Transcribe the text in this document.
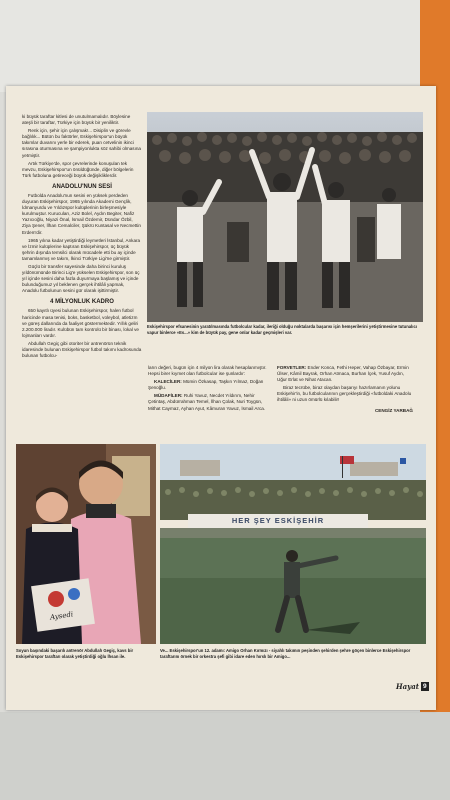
ki büyük taraftar kitlesi de unutulmamalıdır. Böylesine ateşli bir taraftar, Türkiye için büyük bir yeniliktir.

Renk için, şehir için çalışmak!... Disiplin ve görevle bağlılık... Bütün bu faktörler, Eskişehirspor'un büyük takımlar duvarını yerle bir ederek, puan cetvelinin ikinci sırasına oturmasına ve şampiyonlukta söz sahibi olmasına yetmiştir.

Artık Türkiye'de, spor çevrelerinde konuşulan tek mevzu, Eskişehirspor'un önüldüğünde, diğer bölgelerin Türk futboluna getireceği büyük değişikliklerdir.

ANADOLU'NUN SESİ

Futbolda Anadolu'nun sesini en yüksek perdeden duyuran Eskişehirspor, 1965 yılında Akademi Gençlik, İdmanyurdu ve Yıldızspor kulüplerinin birleşmesiyle kurulmuştur. Kurucuları, Aziz Bolel, Aydın Begiter, Nafiz Yazıcıoğlu, Niyazi Önal, İsmail Özdemir, Dündar Özbil, Ziya Şener, İlhan Cemalciler, Şükrü Kuntasal ve Necmettin Erdem'dir.

1965 yılına kadar yetiştirdiği leymetleri İstanbul, Ankara ve İzmir kulüplerine kaptıran Eskişehirspor, üç büyük şehrin dışında temsilci olarak mücadele etti bu ay içinde tamamlanmış ve takım, İkinci Türkiye Ligi'ne girmiştir.

Güçlü bir transfer sayesinde daha birinci kuruluş yıldönümünde Birinci Lig'e yükselen Eskişehirspor, son üç yıl içinde sesini daha fazla duyurmaya başlamış ve içinde bulunduğumuz yıl beklenen gerçek ihtilâli yapmak, Anadolu futbolunun sesini gür olarak işittirmiştir.

4 MİLYONLUK KADRO

650 kayıtlı üyesi bulunan Eskişehirspor, halen futbol haricinde masa tenisi, boks, basketbol, voleybol, atletizm ve güreş dallarında da faaliyet göstermektedir. Yıllık geliri 2.200.000 liradır. Kulübün tam kontrolü bir binası, lokal ve lojmanları vardır.

Abdullah Gegiç gibi otoriter bir antrenörün teknik idaresinde bulunan Eskişehirspor futbol takımı kadrosunda bulunan futbolcu-

Eskişehirspor efsanesinin yaratılmasında futbolcular kadar, ileriği olduğu noktalarda başarısı için hemşerilerini yetiştirmesine tutunalıcı vapur binlerce «Es...» kim de büyük pay, gene onlar kadar geçmişleri var.

ların değeri, bugün için 4 milyon lira olarak hesaplanmıştır. Hepsi birer kıymet olan futbolcular ise şunlardır:

KALECİLER: Mümin Özkasap, Taşkın Yılmaz, Doğan Şenoğlu.

MÜDAFİLER: Ruhi Yavuz, Necdet Yıldırım, Nehir Çetintaş, Abdürrahman Temel, İlhan Çolak, Nuri Toygün, Mithat Caymaz, Ayhan Ayut, Kâmuran Yavuz, İsmail Arca.

FORVETLER: Ender Konca, Fethi Heper, Vahap Özbayar, Ermin Ülser, Kâmil Bayrak, Orhan Atmaca, Burhan İçek, Yusuf Aydın, Uğur Erlat ve Nihat Atacan.

Biraz tecrübe, biraz olaydan başarıyı hazırlamanın yolunu Eskişehir'in, bu futbolcularının gerçekleştirdiği «futboldaki Anadolu ihtilâli» ni uzun ömürlü kılabilir!

CENGİZ YARBAĞ
Aysedi
Soyun başındaki başarılı antrenör Abdullah Gegiç, kavs bir Eskişehirspor taraftarı olarak yetiştirdiği oğlu İhsan ile.
HER ŞEY ESKİŞEHİR
Ve... Eskişehirspor'un 12. adamı: Amigo Orhan Kırmızı - siyahlı takımın peşinden şehirden şehre göçen binlerce Eskişehirspor taraftarını örnek bir orkestra şefi gibi idare eden hırslı bir Amigo...
Hayat 9
